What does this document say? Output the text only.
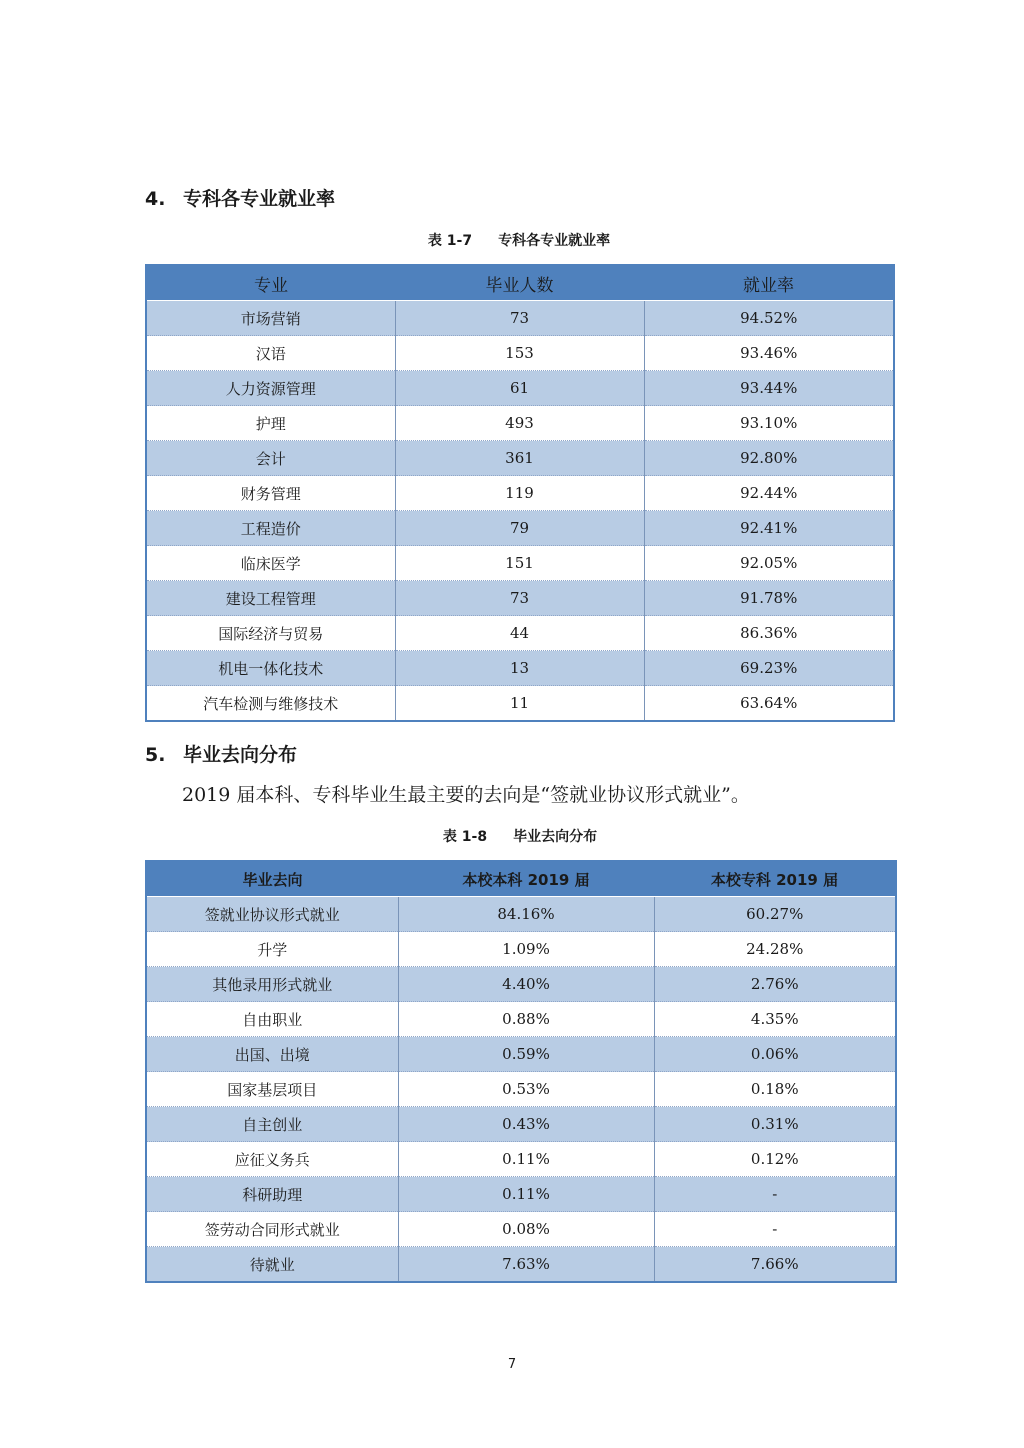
4. 专科各专业就业率
表 1-7 专科各专业就业率
专业	毕业人数	就业率
市场营销	73	94.52%
汉语	153	93.46%
人力资源管理	61	93.44%
护理	493	93.10%
会计	361	92.80%
财务管理	119	92.44%
工程造价	79	92.41%
临床医学	151	92.05%
建设工程管理	73	91.78%
国际经济与贸易	44	86.36%
机电一体化技术	13	69.23%
汽车检测与维修技术	11	63.64%
5. 毕业去向分布
2019 届本科、专科毕业生最主要的去向是“签就业协议形式就业”。
表 1-8 毕业去向分布
毕业去向	本校本科 2019 届	本校专科 2019 届
签就业协议形式就业	84.16%	60.27%
升学	1.09%	24.28%
其他录用形式就业	4.40%	2.76%
自由职业	0.88%	4.35%
出国、出境	0.59%	0.06%
国家基层项目	0.53%	0.18%
自主创业	0.43%	0.31%
应征义务兵	0.11%	0.12%
科研助理	0.11%	-
签劳动合同形式就业	0.08%	-
待就业	7.63%	7.66%
7
